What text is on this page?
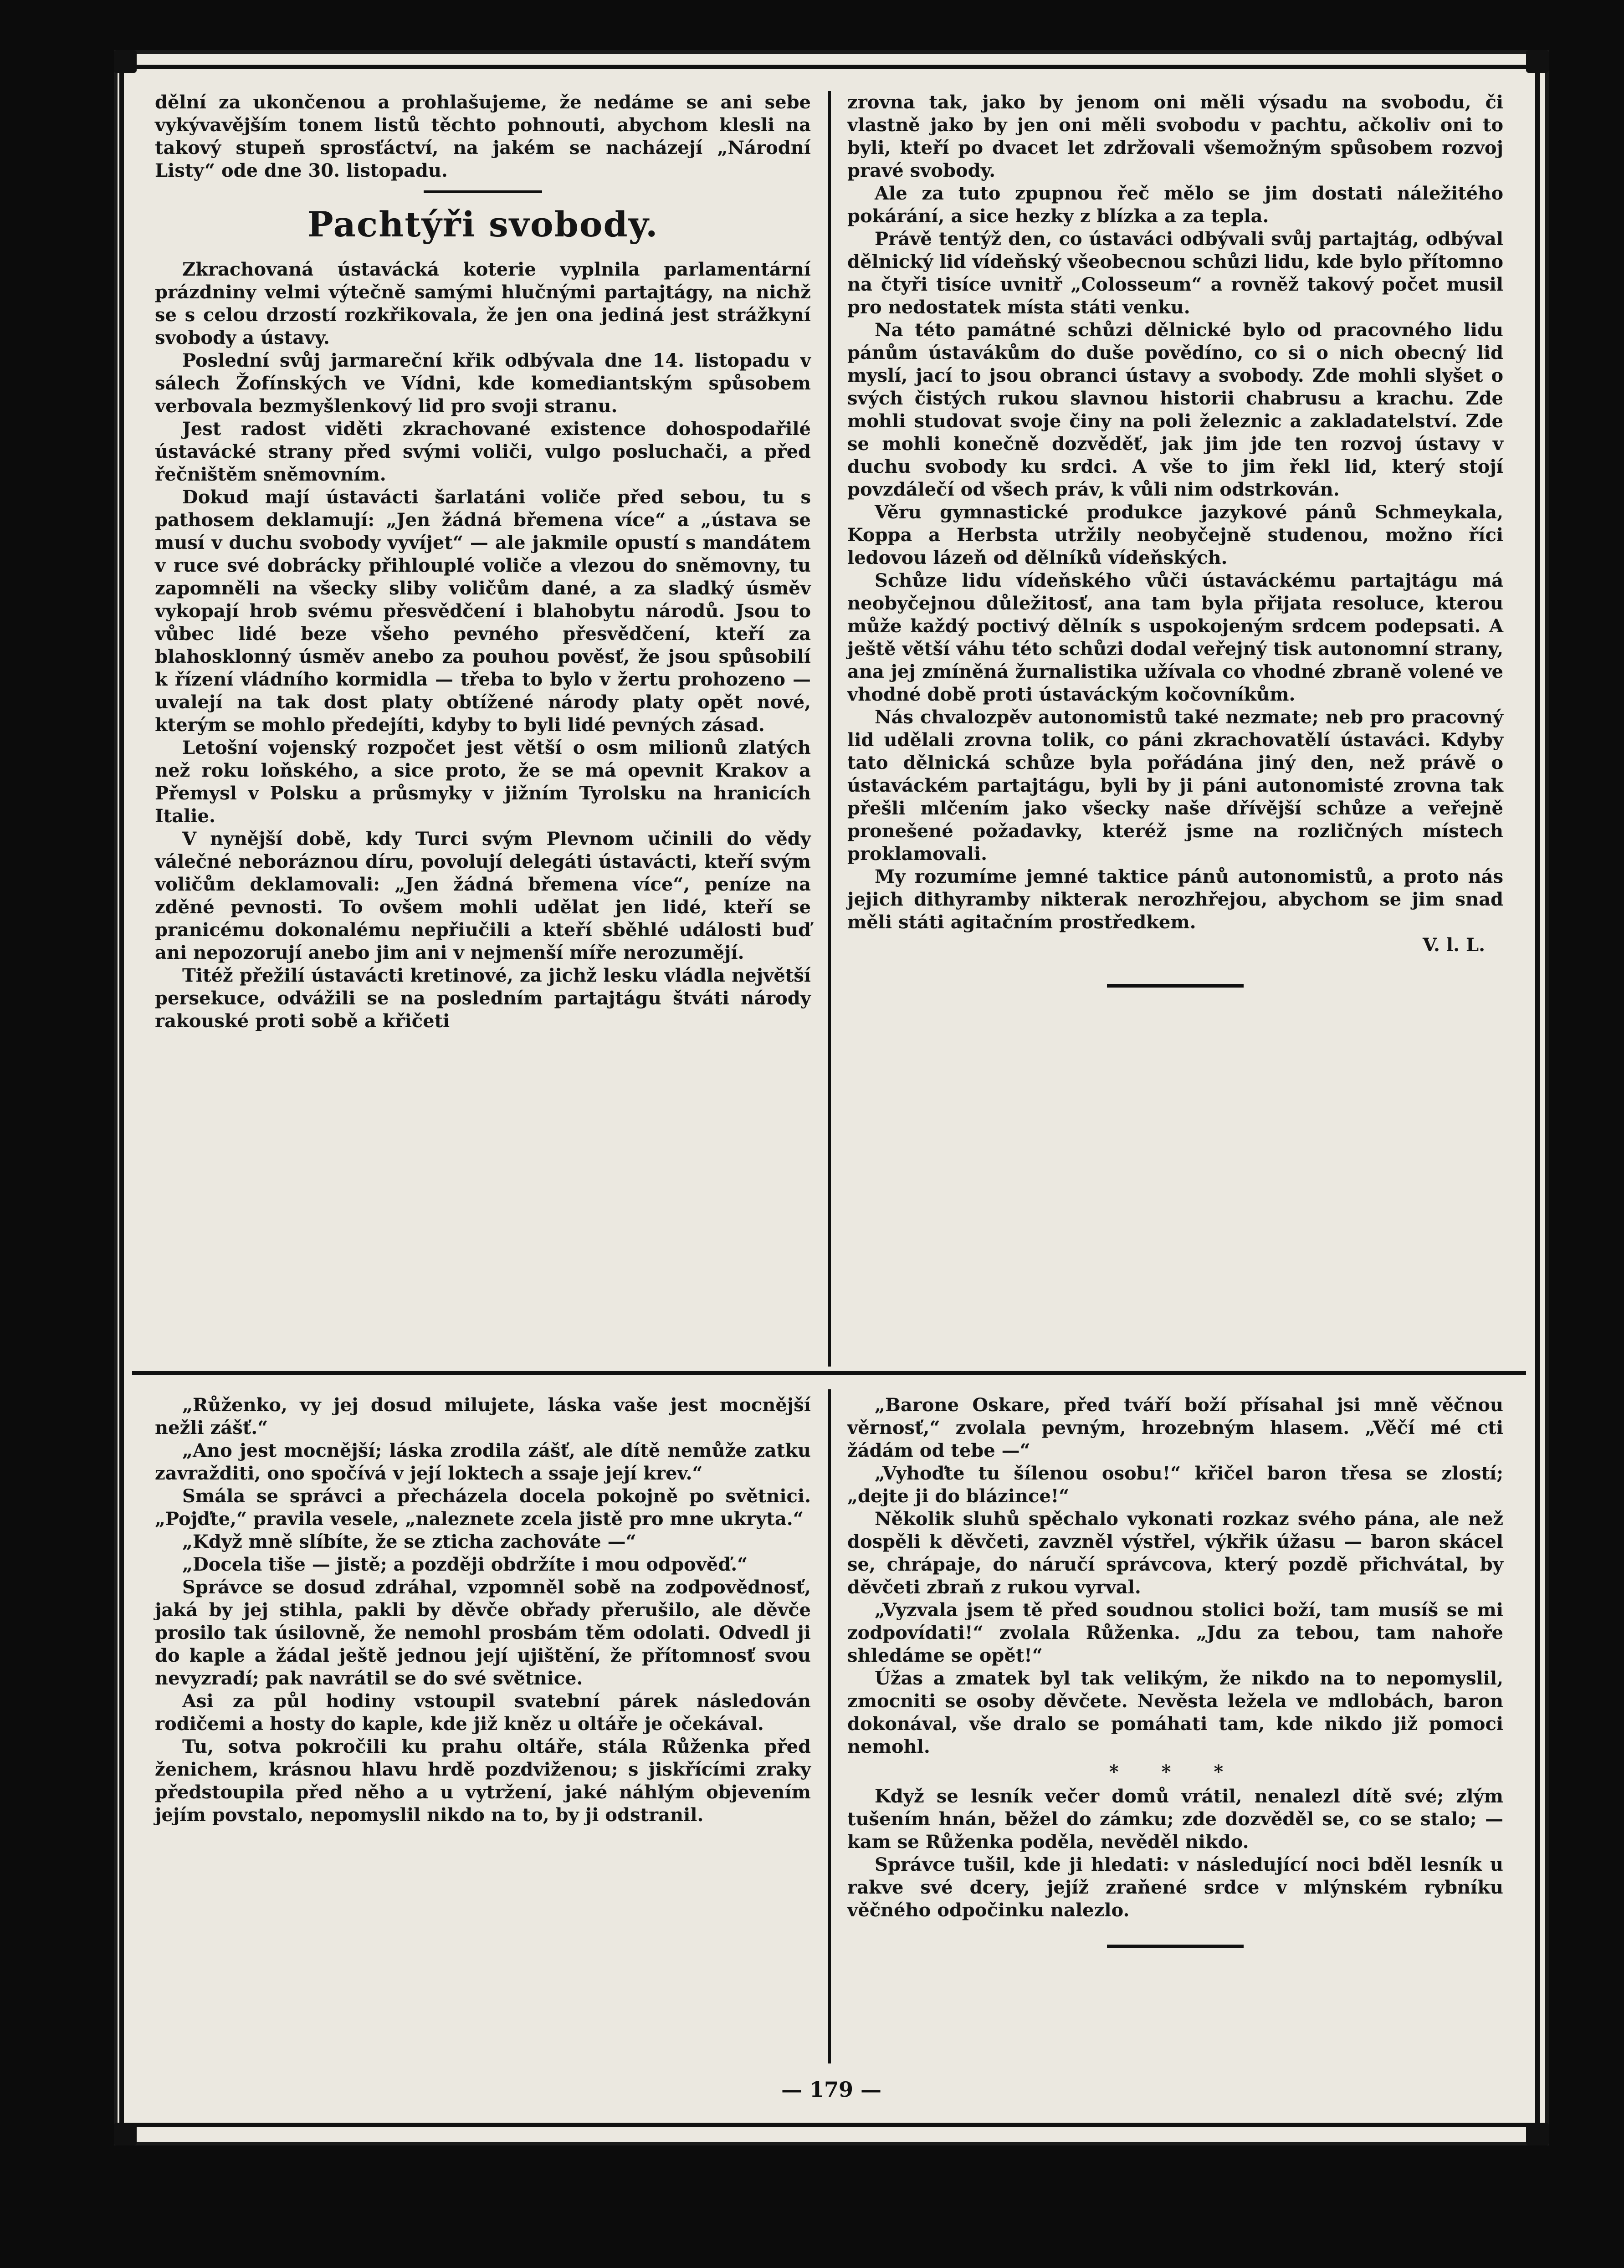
dělní za ukončenou a prohlašujeme, že nedáme se ani sebe vykývavějším tonem listů těchto pohnouti, abychom klesli na takový stupeň sprosťáctví, na jakém se nacházejí „Národní Listy“ ode dne 30. listopadu.

Pachtýři svobody.

Zkrachovaná ústavácká koterie vyplnila parlamentární prázdniny velmi výtečně samými hlučnými partajtágy, na nichž se s celou drzostí rozkřikovala, že jen ona jediná jest strážkyní svobody a ústavy.

Poslední svůj jarmareční křik odbývala dne 14. listopadu v sálech Žofínských ve Vídni, kde komediantským spůsobem verbovala bezmyšlenkový lid pro svoji stranu.

Jest radost viděti zkrachované existence dohospodařilé ústavácké strany před svými voliči, vulgo posluchači, a před řečništěm sněmovním.

Dokud mají ústavácti šarlatáni voliče před sebou, tu s pathosem deklamují: „Jen žádná břemena více“ a „ústava se musí v duchu svobody vyvíjet“ — ale jakmile opustí s mandátem v ruce své dobrácky přihlouplé voliče a vlezou do sněmovny, tu zapomněli na všecky sliby voličům dané, a za sladký úsměv vykopají hrob svému přesvědčení i blahobytu národů. Jsou to vůbec lidé beze všeho pevného přesvědčení, kteří za blahosklonný úsměv anebo za pouhou pověsť, že jsou spůsobilí k řízení vládního kormidla — třeba to bylo v žertu prohozeno — uvalejí na tak dost platy obtížené národy platy opět nové, kterým se mohlo předejíti, kdyby to byli lidé pevných zásad.

Letošní vojenský rozpočet jest větší o osm milionů zlatých než roku loňského, a sice proto, že se má opevnit Krakov a Přemysl v Polsku a průsmyky v jižním Tyrolsku na hranicích Italie.

V nynější době, kdy Turci svým Plevnom učinili do vědy válečné neboráznou díru, povolují delegáti ústavácti, kteří svým voličům deklamovali: „Jen žádná břemena více“, peníze na zděné pevnosti. To ovšem mohli udělat jen lidé, kteří se pranicému dokonalému nepřiučili a kteří sběhlé události buď ani nepozorují anebo jim ani v nejmenší míře nerozumějí.

Titéž přežilí ústavácti kretinové, za jichž lesku vládla největší persekuce, odvážili se na posledním partajtágu štváti národy rakouské proti sobě a křičeti

zrovna tak, jako by jenom oni měli výsadu na svobodu, či vlastně jako by jen oni měli svobodu v pachtu, ačkoliv oni to byli, kteří po dvacet let zdržovali všemožným spůsobem rozvoj pravé svobody.

Ale za tuto zpupnou řeč mělo se jim dostati náležitého pokárání, a sice hezky z blízka a za tepla.

Právě tentýž den, co ústaváci odbývali svůj partajtág, odbýval dělnický lid vídeňský všeobecnou schůzi lidu, kde bylo přítomno na čtyři tisíce uvnitř „Colosseum“ a rovněž takový počet musil pro nedostatek místa státi venku.

Na této památné schůzi dělnické bylo od pracovného lidu pánům ústavákům do duše povědíno, co si o nich obecný lid myslí, jací to jsou obranci ústavy a svobody. Zde mohli slyšet o svých čistých rukou slavnou historii chabrusu a krachu. Zde mohli studovat svoje činy na poli železnic a zakladatelství. Zde se mohli konečně dozvěděť, jak jim jde ten rozvoj ústavy v duchu svobody ku srdci. A vše to jim řekl lid, který stojí povzdálečí od všech práv, k vůli nim odstrkován.

Věru gymnastické produkce jazykové pánů Schmeykala, Koppa a Herbsta utržily neobyčejně studenou, možno říci ledovou lázeň od dělníků vídeňských.

Schůze lidu vídeňského vůči ústaváckému partajtágu má neobyčejnou důležitosť, ana tam byla přijata resoluce, kterou může každý poctivý dělník s uspokojeným srdcem podepsati. A ještě větší váhu této schůzi dodal veřejný tisk autonomní strany, ana jej zmíněná žurnalistika užívala co vhodné zbraně volené ve vhodné době proti ústaváckým kočovníkům.

Nás chvalozpěv autonomistů také nezmate; neb pro pracovný lid udělali zrovna tolik, co páni zkrachovatělí ústaváci. Kdyby tato dělnická schůze byla pořádána jiný den, než právě o ústaváckém partajtágu, byli by ji páni autonomisté zrovna tak přešli mlčením jako všecky naše dřívější schůze a veřejně pronešené požadavky, kteréž jsme na rozličných místech proklamovali.

My rozumíme jemné taktice pánů autonomistů, a proto nás jejich dithyramby nikterak nerozhřejou, abychom se jim snad měli státi agitačním prostředkem.

V. l. L.

„Růženko, vy jej dosud milujete, láska vaše jest mocnější nežli zášť.“

„Ano jest mocnější; láska zrodila zášť, ale dítě nemůže zatku zavražditi, ono spočívá v její loktech a ssaje její krev.“

Smála se správci a přecházela docela pokojně po světnici. „Pojďte,“ pravila vesele, „naleznete zcela jistě pro mne ukryta.“

„Když mně slíbíte, že se zticha zachováte —“

„Docela tiše — jistě; a později obdržíte i mou odpověď.“

Správce se dosud zdráhal, vzpomněl sobě na zodpovědnosť, jaká by jej stihla, pakli by děvče obřady přerušilo, ale děvče prosilo tak úsilovně, že nemohl prosbám těm odolati. Odvedl ji do kaple a žádal ještě jednou její ujištění, že přítomnosť svou nevyzradí; pak navrátil se do své světnice.

Asi za půl hodiny vstoupil svatební párek následován rodičemi a hosty do kaple, kde již kněz u oltáře je očekával.

Tu, sotva pokročili ku prahu oltáře, stála Růženka před ženichem, krásnou hlavu hrdě pozdviženou; s jiskřícími zraky předstoupila před něho a u vytržení, jaké náhlým objevením jejím povstalo, nepomyslil nikdo na to, by ji odstranil.

„Barone Oskare, před tváří boží přísahal jsi mně věčnou věrnosť,“ zvolala pevným, hrozebným hlasem. „Věčí mé cti žádám od tebe —“

„Vyhoďte tu šílenou osobu!“ křičel baron třesa se zlostí; „dejte ji do blázince!“

Několik sluhů spěchalo vykonati rozkaz svého pána, ale než dospěli k děvčeti, zavzněl výstřel, výkřik úžasu — baron skácel se, chrápaje, do náručí správcova, který pozdě přichvátal, by děvčeti zbraň z rukou vyrval.

„Vyzvala jsem tě před soudnou stolici boží, tam musíš se mi zodpovídati!“ zvolala Růženka. „Jdu za tebou, tam nahoře shledáme se opět!“

Úžas a zmatek byl tak velikým, že nikdo na to nepomyslil, zmocniti se osoby děvčete. Nevěsta ležela ve mdlobách, baron dokonával, vše dralo se pomáhati tam, kde nikdo již pomoci nemohl.

* * *

Když se lesník večer domů vrátil, nenalezl dítě své; zlým tušením hnán, běžel do zámku; zde dozvěděl se, co se stalo; — kam se Růženka poděla, nevěděl nikdo.

Správce tušil, kde ji hledati: v následující noci bděl lesník u rakve své dcery, jejíž zraňené srdce v mlýnském rybníku věčného odpočinku nalezlo.

— 179 —
